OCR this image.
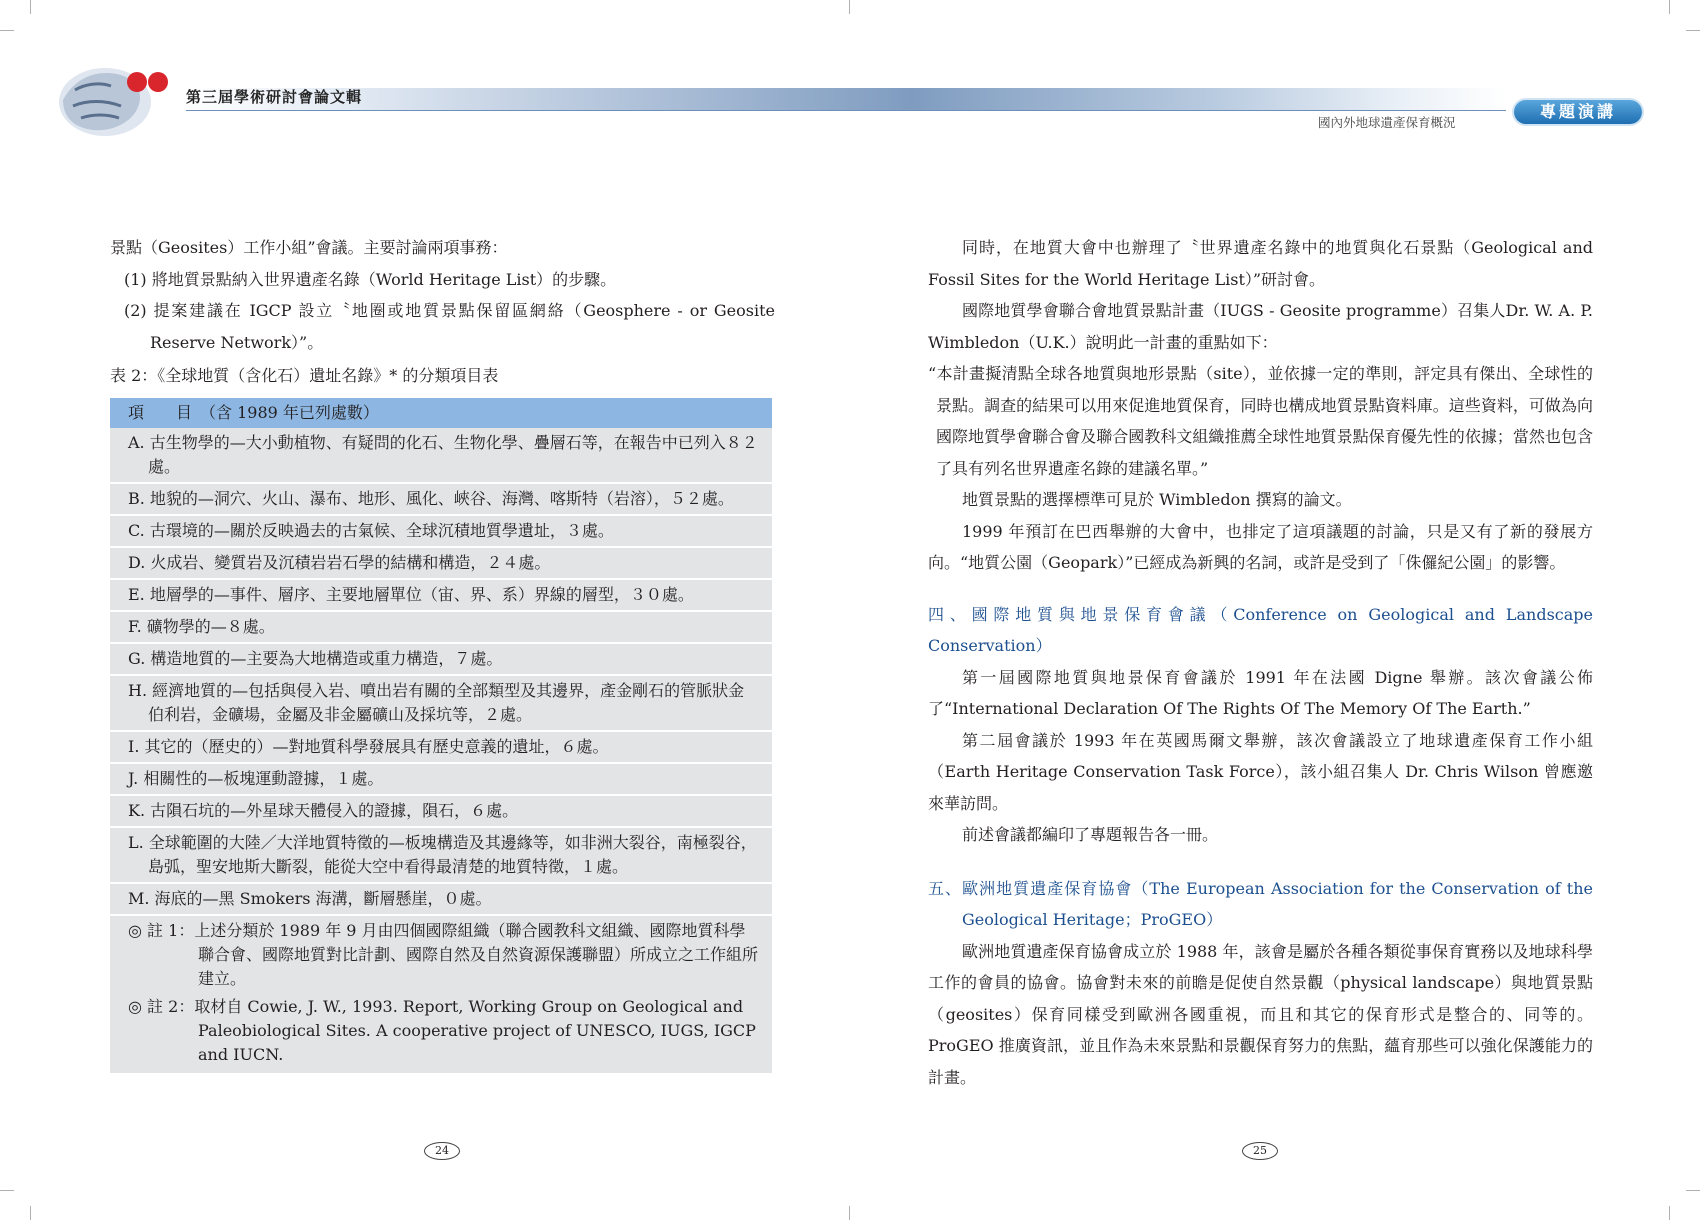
第三屆學術研討會論文輯
國內外地球遺產保育概況
專題演講

景點（Geosites）工作小組”會議。主要討論兩項事務：

(1) 將地質景點納入世界遺產名錄（World Heritage List）的步驟。

(2) 提案建議在 IGCP 設立〝地圈或地質景點保留區網絡（Geosphere - or Geosite Reserve Network）”。

表 2：《全球地質（含化石）遺址名錄》* 的分類項目表

項　　目　（含 1989 年已列處數）
A. 古生物學的—大小動植物、有疑問的化石、生物化學、疊層石等，在報告中已列入８２處。
B. 地貌的—洞穴、火山、瀑布、地形、風化、峽谷、海灣、喀斯特（岩溶），５２處。
C. 古環境的—關於反映過去的古氣候、全球沉積地質學遺址，３處。
D. 火成岩、變質岩及沉積岩岩石學的結構和構造，２４處。
E. 地層學的—事件、層序、主要地層單位（宙、界、系）界線的層型，３０處。
F. 礦物學的—８處。
G. 構造地質的—主要為大地構造或重力構造，７處。
H. 經濟地質的—包括與侵入岩、噴出岩有關的全部類型及其邊界，產金剛石的管脈狀金伯利岩，金礦場，金屬及非金屬礦山及採坑等，２處。
I. 其它的（歷史的）—對地質科學發展具有歷史意義的遺址，６處。
J. 相關性的—板塊運動證據，１處。
K. 古隕石坑的—外星球天體侵入的證據，隕石，６處。
L. 全球範圍的大陸／大洋地質特徵的—板塊構造及其邊緣等，如非洲大裂谷，南極裂谷，島弧，聖安地斯大斷裂，能從大空中看得最清楚的地質特徵，１處。
M. 海底的—黑 Smokers 海溝，斷層懸崖，０處。
◎ 註 1：上述分類於 1989 年 9 月由四個國際組織（聯合國教科文組織、國際地質科學聯合會、國際地質對比計劃、國際自然及自然資源保護聯盟）所成立之工作組所建立。
◎ 註 2：取材自 Cowie, J. W., 1993. Report, Working Group on Geological and Paleobiological Sites. A cooperative project of UNESCO, IUGS, IGCP and IUCN.

同時，在地質大會中也辦理了〝世界遺產名錄中的地質與化石景點（Geological and Fossil Sites for the World Heritage List）”研討會。

國際地質學會聯合會地質景點計畫（IUGS - Geosite programme）召集人Dr. W. A. P. Wimbledon（U.K.）說明此一計畫的重點如下：

“本計畫擬清點全球各地質與地形景點（site），並依據一定的準則，評定具有傑出、全球性的景點。調查的結果可以用來促進地質保育，同時也構成地質景點資料庫。這些資料，可做為向國際地質學會聯合會及聯合國教科文組織推薦全球性地質景點保育優先性的依據；當然也包含了具有列名世界遺產名錄的建議名單。”

地質景點的選擇標準可見於 Wimbledon 撰寫的論文。

1999 年預訂在巴西舉辦的大會中，也排定了這項議題的討論，只是又有了新的發展方向。“地質公園（Geopark）”已經成為新興的名詞，或許是受到了「侏儸紀公園」的影響。

四、國際地質與地景保育會議（Conference on Geological and Landscape Conservation）

第一屆國際地質與地景保育會議於 1991 年在法國 Digne 舉辦。該次會議公佈了“International Declaration Of The Rights Of The Memory Of The Earth.”

第二屆會議於 1993 年在英國馬爾文舉辦，該次會議設立了地球遺產保育工作小組（Earth Heritage Conservation Task Force），該小組召集人 Dr. Chris Wilson 曾應邀來華訪問。

前述會議都編印了專題報告各一冊。

五、歐洲地質遺產保育協會（The European Association for the Conservation of the Geological Heritage；ProGEO）

歐洲地質遺產保育協會成立於 1988 年，該會是屬於各種各類從事保育實務以及地球科學工作的會員的協會。協會對未來的前瞻是促使自然景觀（physical landscape）與地質景點（geosites）保育同樣受到歐洲各國重視，而且和其它的保育形式是整合的、同等的。ProGEO 推廣資訊，並且作為未來景點和景觀保育努力的焦點，蘊育那些可以強化保護能力的計畫。

24	25
